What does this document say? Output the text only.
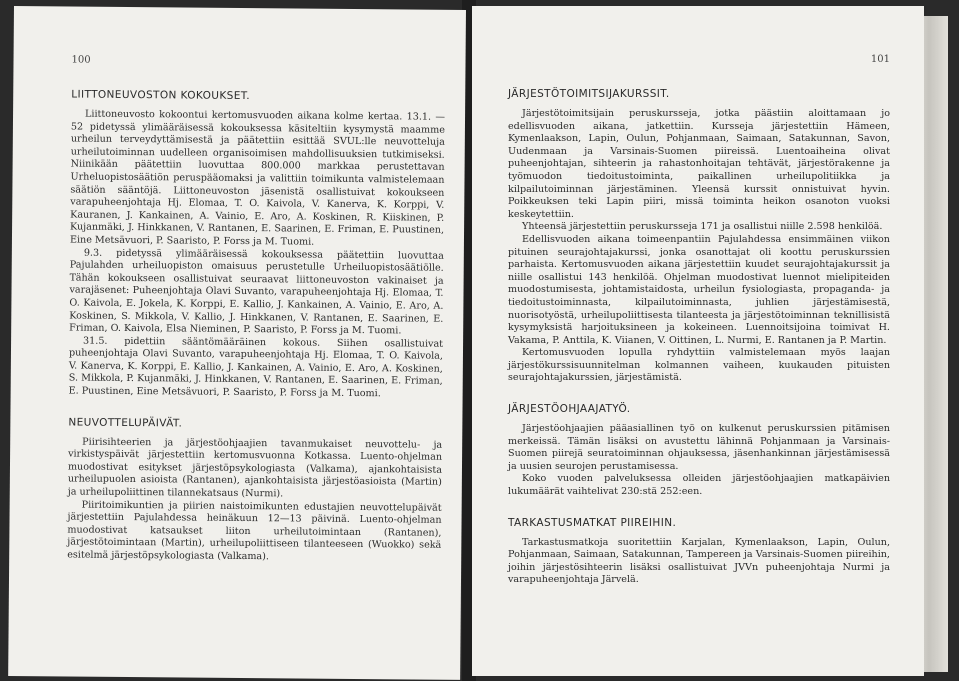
100
LIITTONEUVOSTON KOKOUKSET.

Liittoneuvosto kokoontui kertomusvuoden aikana kolme kertaa. 13.1. —52 pidetyssä ylimääräisessä kokouksessa käsiteltiin kysymystä maamme urheilun terveydyttämisestä ja päätettiin esittää SVUL:lle neuvotteluja urheilutoiminnan uudelleen organisoimisen mahdollisuuksien tutkimiseksi. Niinikään päätettiin luovuttaa 800.000 markkaa perustettavan Urheluopistosäätiön peruspääomaksi ja valittiin toimikunta valmistelemaan säätiön sääntöjä. Liittoneuvoston jäsenistä osallistuivat kokoukseen varapuheenjohtaja Hj. Elomaa, T. O. Kaivola, V. Kanerva, K. Korppi, V. Kauranen, J. Kankainen, A. Vainio, E. Aro, A. Koskinen, R. Kiiskinen, P. Kujanmäki, J. Hinkkanen, V. Rantanen, E. Saarinen, E. Friman, E. Puustinen, Eine Metsävuori, P. Saaristo, P. Forss ja M. Tuomi.

9.3. pidetyssä ylimääräisessä kokouksessa päätettiin luovuttaa Pajulahden urheiluopiston omaisuus perustetulle Urheiluopistosäätiölle. Tähän kokoukseen osallistuivat seuraavat liittoneuvoston vakinaiset ja varajäsenet: Puheenjohtaja Olavi Suvanto, varapuheenjohtaja Hj. Elomaa, T. O. Kaivola, E. Jokela, K. Korppi, E. Kallio, J. Kankainen, A. Vainio, E. Aro, A. Koskinen, S. Mikkola, V. Kallio, J. Hinkkanen, V. Rantanen, E. Saarinen, E. Friman, O. Kaivola, Elsa Nieminen, P. Saaristo, P. Forss ja M. Tuomi.

31.5. pidettiin sääntömääräinen kokous. Siihen osallistuivat puheenjohtaja Olavi Suvanto, varapuheenjohtaja Hj. Elomaa, T. O. Kaivola, V. Kanerva, K. Korppi, E. Kallio, J. Kankainen, A. Vainio, E. Aro, A. Koskinen, S. Mikkola, P. Kujanmäki, J. Hinkkanen, V. Rantanen, E. Saarinen, E. Friman, E. Puustinen, Eine Metsävuori, P. Saaristo, P. Forss ja M. Tuomi.

NEUVOTTELUPÄIVÄT.

Piirisihteerien ja järjestöohjaajien tavanmukaiset neuvottelu- ja virkistyspäivät järjestettiin kertomusvuonna Kotkassa. Luento-ohjelman muodostivat esitykset järjestöpsykologiasta (Valkama), ajankohtaisista urheilupuolen asioista (Rantanen), ajankohtaisista järjestöasioista (Martin) ja urheilupoliittinen tilannekatsaus (Nurmi).

Piiritoimikuntien ja piirien naistoimikunten edustajien neuvottelupäivät järjestettiin Pajulahdessa heinäkuun 12—13 päivinä. Luento-ohjelman muodostivat katsaukset liiton urheilutoimintaan (Rantanen), järjestötoimintaan (Martin), urheilupoliittiseen tilanteeseen (Wuokko) sekä esitelmä järjestöpsykologiasta (Valkama).

101
JÄRJESTÖTOIMITSIJAKURSSIT.

Järjestötoimitsijain peruskursseja, jotka päästiin aloittamaan jo edellisvuoden aikana, jatkettiin. Kursseja järjestettiin Hämeen, Kymenlaakson, Lapin, Oulun, Pohjanmaan, Saimaan, Satakunnan, Savon, Uudenmaan ja Varsinais-Suomen piireissä. Luentoaiheina olivat puheenjohtajan, sihteerin ja rahastonhoitajan tehtävät, järjestörakenne ja työmuodon tiedoitustoiminta, paikallinen urheilupolitiikka ja kilpailutoiminnan järjestäminen. Yleensä kurssit onnistuivat hyvin. Poikkeuksen teki Lapin piiri, missä toiminta heikon osanoton vuoksi keskeytettiin.

Yhteensä järjestettiin peruskursseja 171 ja osallistui niille 2.598 henkilöä.

Edellisvuoden aikana toimeenpantiin Pajulahdessa ensimmäinen viikon pituinen seurajohtajakurssi, jonka osanottajat oli koottu peruskurssien parhaista. Kertomusvuoden aikana järjestettiin kuudet seurajohtajakurssit ja niille osallistui 143 henkilöä. Ohjelman muodostivat luennot mielipiteiden muodostumisesta, johtamistaidosta, urheilun fysiologiasta, propaganda- ja tiedoitustoiminnasta, kilpailutoiminnasta, juhlien järjestämisestä, nuorisotyöstä, urheilupoliittisesta tilanteesta ja järjestötoiminnan teknillisistä kysymyksistä harjoituksineen ja kokeineen. Luennoitsijoina toimivat H. Vakama, P. Anttila, K. Viianen, V. Oittinen, L. Nurmi, E. Rantanen ja P. Martin.

Kertomusvuoden lopulla ryhdyttiin valmistelemaan myös laajan järjestökurssisuunnitelman kolmannen vaiheen, kuukauden pituisten seurajohtajakurssien, järjestämistä.

JÄRJESTÖOHJAAJATYÖ.

Järjestöohjaajien pääasiallinen työ on kulkenut peruskurssien pitämisen merkeissä. Tämän lisäksi on avustettu lähinnä Pohjanmaan ja Varsinais-Suomen piirejä seuratoiminnan ohjauksessa, jäsenhankinnan järjestämisessä ja uusien seurojen perustamisessa.

Koko vuoden palveluksessa olleiden järjestöohjaajien matkapäivien lukumäärät vaihtelivat 230:stä 252:een.

TARKASTUSMATKAT PIIREIHIN.

Tarkastusmatkoja suoritettiin Karjalan, Kymenlaakson, Lapin, Oulun, Pohjanmaan, Saimaan, Satakunnan, Tampereen ja Varsinais-Suomen piireihin, joihin järjestösihteerin lisäksi osallistuivat JVVn puheenjohtaja Nurmi ja varapuheenjohtaja Järvelä.
